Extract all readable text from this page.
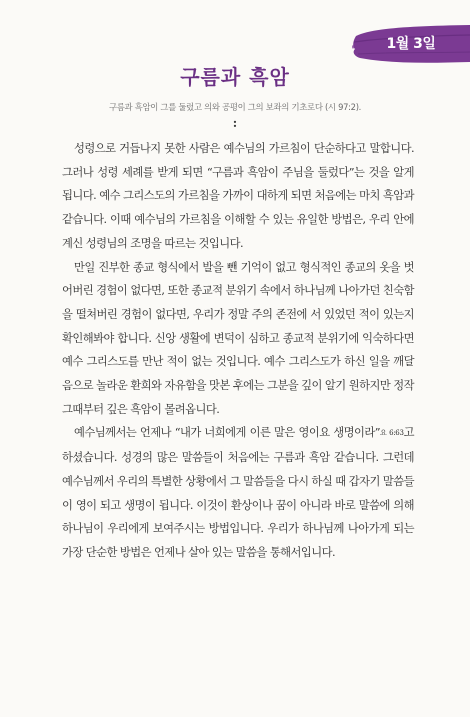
1월 3일
구름과 흑암
구름과 흑암이 그를 둘렀고 의와 공평이 그의 보좌의 기초로다 (시 97:2).
:

성령으로 거듭나지 못한 사람은 예수님의 가르침이 단순하다고 말합니다. 그러나 성령 세례를 받게 되면 “구름과 흑암이 주님을 둘렀다”는 것을 알게 됩니다. 예수 그리스도의 가르침을 가까이 대하게 되면 처음에는 마치 흑암과 같습니다. 이때 예수님의 가르침을 이해할 수 있는 유일한 방법은, 우리 안에 계신 성령님의 조명을 따르는 것입니다.

만일 진부한 종교 형식에서 발을 뺀 기억이 없고 형식적인 종교의 옷을 벗어버린 경험이 없다면, 또한 종교적 분위기 속에서 하나님께 나아가던 친숙함을 떨쳐버린 경험이 없다면, 우리가 정말 주의 존전에 서 있었던 적이 있는지 확인해봐야 합니다. 신앙 생활에 변덕이 심하고 종교적 분위기에 익숙하다면 예수 그리스도를 만난 적이 없는 것입니다. 예수 그리스도가 하신 일을 깨달음으로 놀라운 환희와 자유함을 맛본 후에는 그분을 깊이 알기 원하지만 정작 그때부터 깊은 흑암이 몰려옵니다.

예수님께서는 언제나 “내가 너희에게 이른 말은 영이요 생명이라”요 6:63고 하셨습니다. 성경의 많은 말씀들이 처음에는 구름과 흑암 같습니다. 그런데 예수님께서 우리의 특별한 상황에서 그 말씀들을 다시 하실 때 갑자기 말씀들이 영이 되고 생명이 됩니다. 이것이 환상이나 꿈이 아니라 바로 말씀에 의해 하나님이 우리에게 보여주시는 방법입니다. 우리가 하나님께 나아가게 되는 가장 단순한 방법은 언제나 살아 있는 말씀을 통해서입니다.
